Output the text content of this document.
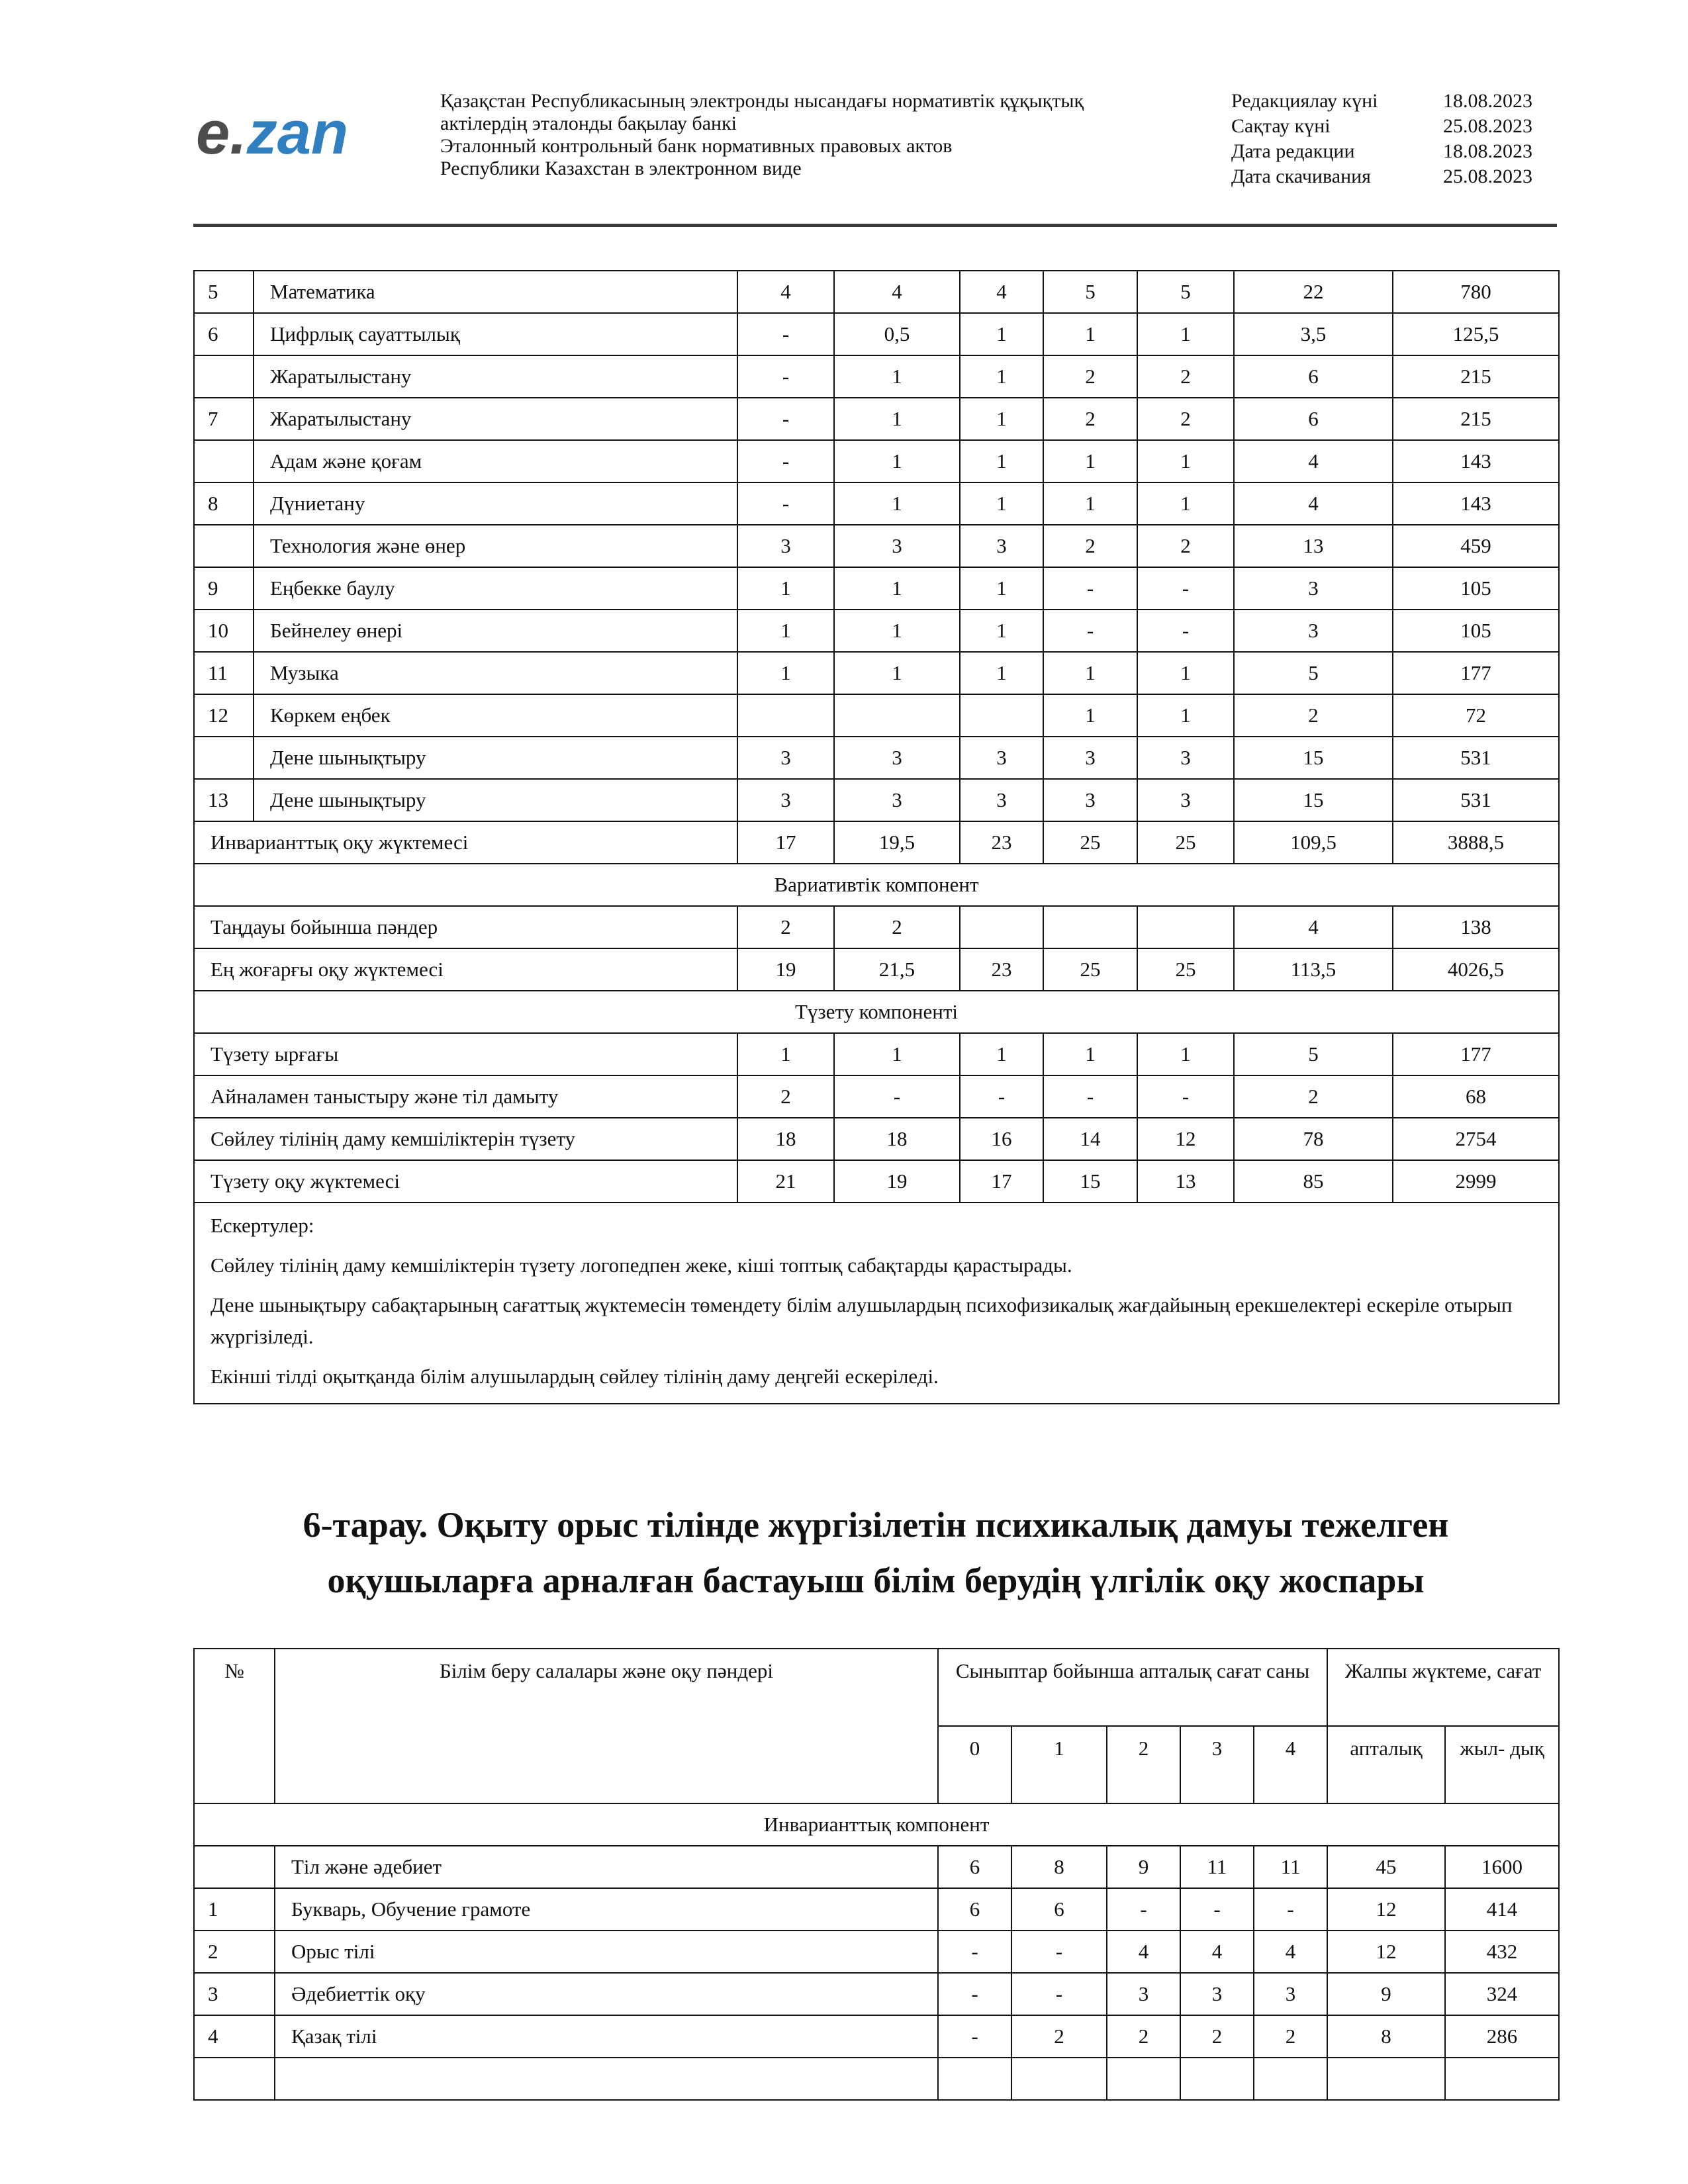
e.zan	Қазақстан Республикасының электронды нысандағы нормативтік құқықтық
актілердің эталонды бақылау банкі
Эталонный контрольный банк нормативных правовых актов
Республики Казахстан в электронном виде
Редакциялау күні	18.08.2023
Сақтау күні	25.08.2023
Дата редакции	18.08.2023
Дата скачивания	25.08.2023
5	Математика	4	4	4	5	5	22	780
6	Цифрлық сауаттылық	-	0,5	1	1	1	3,5	125,5
	Жаратылыстану	-	1	1	2	2	6	215
7	Жаратылыстану	-	1	1	2	2	6	215
	Адам және қоғам	-	1	1	1	1	4	143
8	Дүниетану	-	1	1	1	1	4	143
	Технология және өнер	3	3	3	2	2	13	459
9	Еңбекке баулу	1	1	1	-	-	3	105
10	Бейнелеу өнері	1	1	1	-	-	3	105
11	Музыка	1	1	1	1	1	5	177
12	Көркем еңбек				1	1	2	72
	Дене шынықтыру	3	3	3	3	3	15	531
13	Дене шынықтыру	3	3	3	3	3	15	531
Инварианттық оқу жүктемесі		17	19,5	23	25	25	109,5	3888,5
Вариативтік компонент								
Таңдауы бойынша пәндер		2	2				4	138
Ең жоғарғы оқу жүктемесі		19	21,5	23	25	25	113,5	4026,5
Түзету компоненті								
Түзету ырғағы		1	1	1	1	1	5	177
Айналамен таныстыру және тіл дамыту		2	-	-	-	-	2	68
Сөйлеу тілінің даму кемшіліктерін түзету		18	18	16	14	12	78	2754
Түзету оқу жүктемесі		21	19	17	15	13	85	2999

Ескертулер:

Сөйлеу тілінің даму кемшіліктерін түзету логопедпен жеке, кіші топтық сабақтарды қарастырады.

Дене шынықтыру сабақтарының сағаттық жүктемесін төмендету білім алушылардың психофизикалық жағдайының ерекшелектері ескеріле отырып жүргізіледі.

Екінші тілді оқытқанда білім алушылардың сөйлеу тілінің даму деңгейі ескеріледі.								

6-тарау. Оқыту орыс тілінде жүргізілетін психикалық дамуы тежелген
оқушыларға арналған бастауыш білім берудің үлгілік оқу жоспары
№	Білім беру салалары және оқу пәндері	Сыныптар бойынша апталық сағат саны					Жалпы жүктеме, сағат	
		0	1	2	3	4	апталық	жыл- дық
Инварианттық компонент								
	Тіл және әдебиет	6	8	9	11	11	45	1600
1	Букварь, Обучение грамоте	6	6	-	-	-	12	414
2	Орыс тілі	-	-	4	4	4	12	432
3	Әдебиеттік оқу	-	-	3	3	3	9	324
4	Қазақ тілі	-	2	2	2	2	8	286
